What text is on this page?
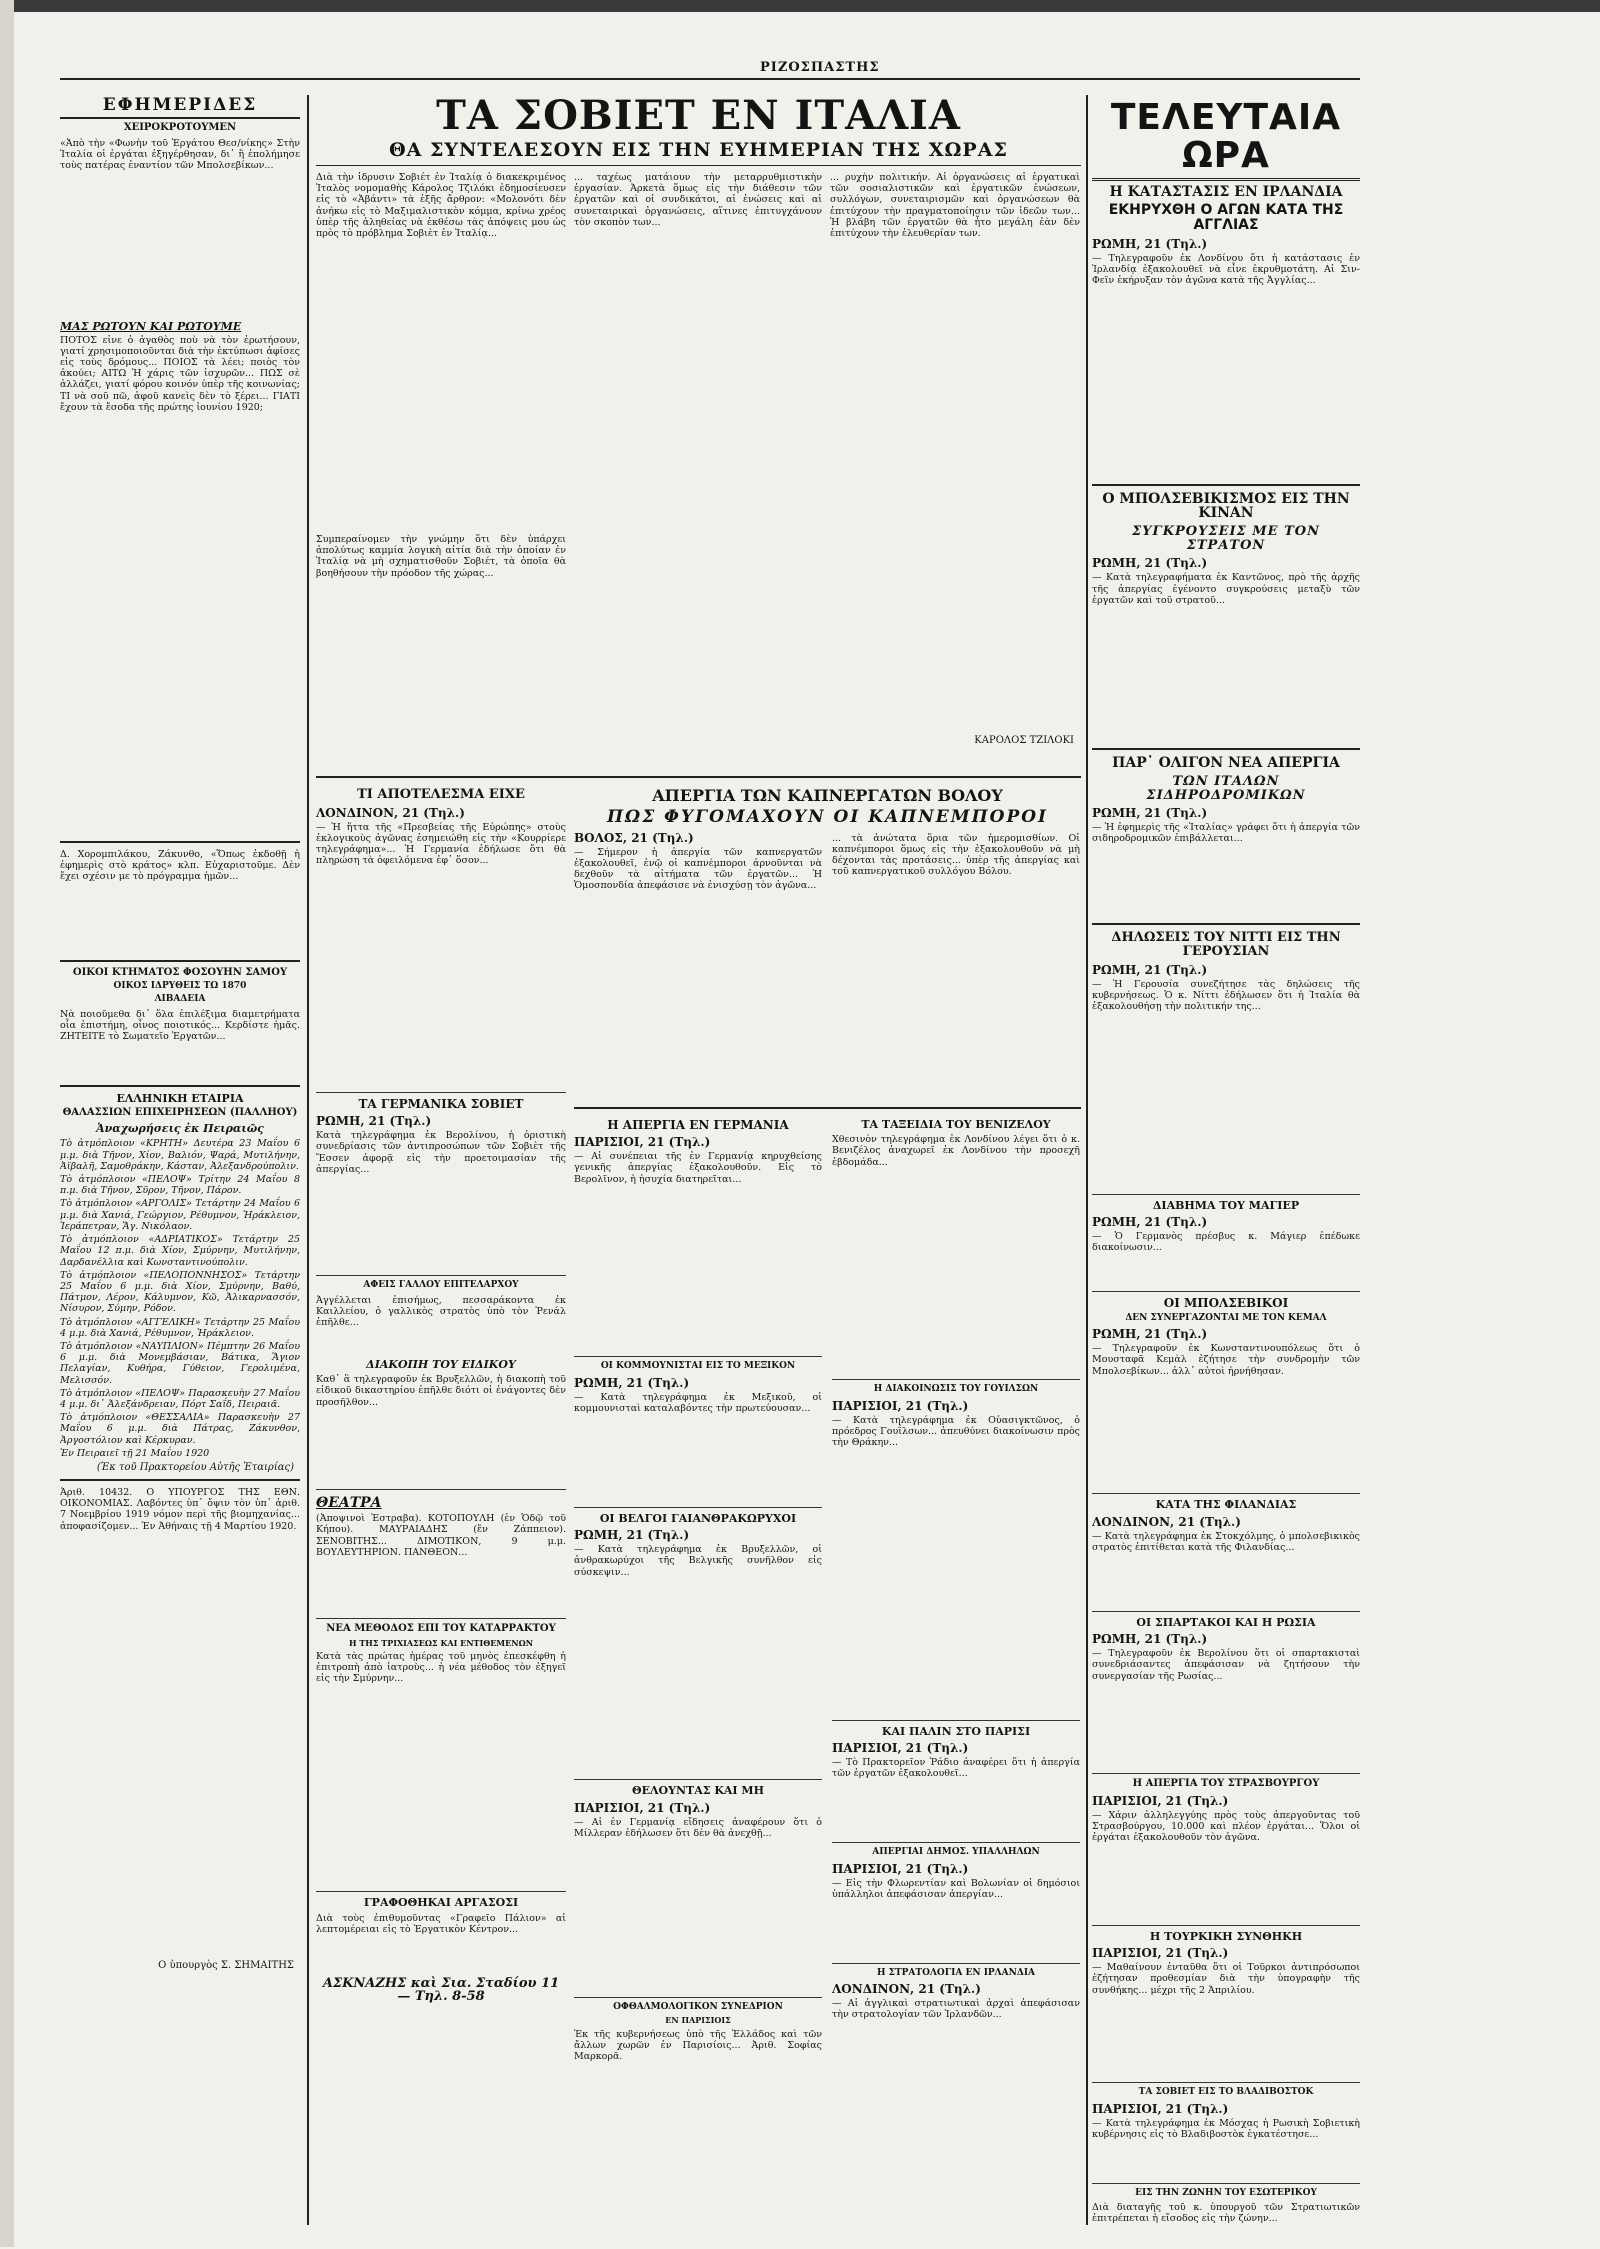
ΡΙΖΟΣΠΑΣΤΗΣ
ΕΦΗΜΕΡΙΔΕΣ
ΧΕΙΡΟΚΡΟΤΟΥΜΕΝ

«Ἀπὸ τὴν «Φωνὴν τοῦ Ἐργάτου Θεσ/νίκης» Στὴν Ἰταλία οἱ ἐργάται ἐξηγέρθησαν, δι᾽ ἢ ἐπολήμησε τοὺς πατέρας ἐναντίον τῶν Μπολσεβίκων...

ΜΑΣ ΡΩΤΟΥΝ ΚΑΙ ΡΩΤΟΥΜΕ

ΠΟΤΟΣ εἶνε ὁ ἀγαθὸς ποὺ νὰ τὸν ἐρωτήσουν, γιατί χρησιμοποιοῦνται διὰ τὴν ἐκτύπωσι ἀφίσες εἰς τοὺς δρόμους... ΠΟΙΟΣ τὰ λέει; ποιὸς τὸν ἀκούει; ΑΙΤΩ Ἠ χάρις τῶν ἰσχυρῶν... ΠΩΣ σὲ ἀλλάζει, γιατί φόρου κοινόν ὑπὲρ τῆς κοινωνίας; ΤΙ νὰ σοῦ πῶ, ἀφοῦ κανεὶς δὲν τὸ ξέρει... ΓΙΑΤΙ ἔχουν τὰ ἔσοδα τῆς πρώτης ἰουνίου 1920;

Δ. Χορομπιλάκου, Ζάκυνθο, «Ὅπως ἐκδοθῇ ἡ ἐφημερὶς στὸ κράτος» κλπ. Εὐχαριστοῦμε. Δὲν ἔχει σχέσιν με τὸ πρόγραμμα ἡμῶν...

ΟΙΚΟΙ ΚΤΗΜΑΤΟΣ ΦΟΣΟΥΗΝ ΣΑΜΟΥ
ΟΙΚΟΣ ΙΔΡΥΘΕΙΣ ΤΩ 1870
ΛΙΒΑΔΕΙΑ

Νὰ ποιοῦμεθα δι᾽ ὅλα ἐπιλέξιμα διαμετρήματα οἷα ἐπιστήμη, οἶνος ποιοτικός... Κερδίστε ἡμᾶς. ΖΗΤΕΙΤΕ τὸ Σωματεῖο Ἐργατῶν...

ΕΛΛΗΝΙΚΗ ΕΤΑΙΡΙΑ
ΘΑΛΑΣΣΙΩΝ ΕΠΙΧΕΙΡΗΣΕΩΝ (ΠΑΛΛΗΟΥ)
Ἀναχωρήσεις ἐκ Πειραιῶς

Τὸ ἀτμόπλοιον «ΚΡΗΤΗ» Δευτέρα 23 Μαΐου 6 μ.μ. διὰ Τῆνον, Χίον, Βαλιόν, Ψαρά, Μυτιλήνην, Ἀϊβαλῆ, Σαμοθράκην, Κάσταν, Ἀλεξανδρούπολιν.

Τὸ ἀτμόπλοιον «ΠΕΛΟΨ» Τρίτην 24 Μαΐου 8 π.μ. διὰ Τῆνον, Σῦρον, Τῆνον, Πάρον.

Τὸ ἀτμόπλοιον «ΑΡΓΟΛΙΣ» Τετάρτην 24 Μαΐου 6 μ.μ. διὰ Χανιά, Γεώργιον, Ρέθυμνον, Ἡράκλειον, Ἱεράπετραν, Ἅγ. Νικόλαον.

Τὸ ἀτμόπλοιον «ΑΔΡΙΑΤΙΚΟΣ» Τετάρτην 25 Μαΐου 12 π.μ. διὰ Χίον, Σμύρνην, Μυτιλήνην, Δαρδανέλλια καὶ Κωνσταντινούπολιν.

Τὸ ἀτμόπλοιον «ΠΕΛΟΠΟΝΝΗΣΟΣ» Τετάρτην 25 Μαΐου 6 μ.μ. διὰ Χίον, Σμύρνην, Βαθύ, Πάτμον, Λέρον, Κάλυμνον, Κῶ, Ἀλικαρνασσόν, Νίσυρον, Σύμην, Ρόδον.

Τὸ ἀτμόπλοιον «ΑΓΓΕΛΙΚΗ» Τετάρτην 25 Μαΐου 4 μ.μ. διὰ Χανιά, Ρέθυμνον, Ἡράκλειον.

Τὸ ἀτμόπλοιον «ΝΑΥΠΛΙΟΝ» Πέμπτην 26 Μαΐου 6 μ.μ. διὰ Μονεμβάσιαν, Βάτικα, Ἅγιον Πελαγίαν, Κυθήρα, Γύθειον, Γερολιμένα, Μελισσόν.

Τὸ ἀτμόπλοιον «ΠΕΛΟΨ» Παρασκευὴν 27 Μαΐου 4 μ.μ. δι᾽ Ἀλεξάνδρειαν, Πόρτ Σαΐδ, Πειραιᾶ.

Τὸ ἀτμόπλοιον «ΘΕΣΣΑΛΙΑ» Παρασκευὴν 27 Μαΐου 6 μ.μ. διὰ Πάτρας, Ζάκυνθον, Ἀργοστόλιον καὶ Κέρκυραν.

Ἐν Πειραιεῖ τῇ 21 Μαΐου 1920

(Ἐκ τοῦ Πρακτορείου Αὐτῆς Ἑταιρίας)

Ἀριθ. 10432. Ο ΥΠΟΥΡΓΟΣ ΤΗΣ ΕΘΝ. ΟΙΚΟΝΟΜΙΑΣ. Λαβόντες ὑπ᾽ ὄψιν τὸν ὑπ᾽ ἀριθ. 7 Νοεμβρίου 1919 νόμον περὶ τῆς βιομηχανίας... ἀποφασίζομεν... Ἐν Ἀθήναις τῇ 4 Μαρτίου 1920.

Ο ὑπουργὸς Σ. ΣΗΜΑΙΤΗΣ
ΤΑ ΣΟΒΙΕΤ ΕΝ ΙΤΑΛΙΑ
ΘΑ ΣΥΝΤΕΛΕΣΟΥΝ ΕΙΣ ΤΗΝ ΕΥΗΜΕΡΙΑΝ ΤΗΣ ΧΩΡΑΣ

Διὰ τὴν ἱδρυσιν Σοβιέτ ἐν Ἰταλίᾳ ὁ διακεκριμένος Ἰταλὸς νομομαθὴς Κάρολος Τζιλόκι ἐδημοσίευσεν εἰς τὸ «Ἀβάντι» τὰ ἑξῆς ἄρθρον: «Μολονότι δὲν ἀνήκω εἰς τὸ Μαξιμαλιστικὸν κόμμα, κρίνω χρέος ὑπὲρ τῆς ἀληθείας νὰ ἐκθέσω τὰς ἀπόψεις μου ὡς πρὸς τὸ πρόβλημα Σοβιὲτ ἐν Ἰταλίᾳ...

Συμπεραίνομεν τὴν γνώμην ὅτι δὲν ὑπάρχει ἀπολύτως καμμία λογικὴ αἰτία διὰ τὴν ὁποίαν ἐν Ἰταλίᾳ νὰ μὴ σχηματισθοῦν Σοβιέτ, τὰ ὁποῖα θὰ βοηθήσουν τὴν πρόοδον τῆς χώρας...

... ταχέως ματάιουν τὴν μεταρρυθμιστικὴν ἐργασίαν. Ἀρκετὰ ὅμως εἰς τὴν διάθεσιν τῶν ἐργατῶν καὶ οἱ συνδικάτοι, αἱ ἑνώσεις καὶ αἱ συνεταιρικαὶ ὀργανώσεις, αἵτινες ἐπιτυγχάνουν τὸν σκοπὸν των...

... ρυχὴν πολιτικήν. Αἱ ὀργανώσεις αἱ ἐργατικαὶ τῶν σοσιαλιστικῶν καὶ ἐργατικῶν ἑνώσεων, συλλόγων, συνεταιρισμῶν καὶ ὀργανώσεων θὰ ἐπιτύχουν τὴν πραγματοποίησιν τῶν ἰδεῶν των... Ἡ βλάβη τῶν ἐργατῶν θὰ ἦτο μεγάλη ἐὰν δὲν ἐπιτύχουν τὴν ἐλευθερίαν των.

ΚΑΡΟΛΟΣ ΤΖΙΛΟΚΙ
ΤΙ ΑΠΟΤΕΛΕΣΜΑ ΕΙΧΕ
ΛΟΝΔΙΝΟΝ, 21 (Τηλ.)

— Ἡ ἥττα τῆς «Πρεσβείας τῆς Εὐρώπης» στοὺς ἐκλογικοὺς ἀγῶνας ἐσημειώθη εἰς τὴν «Κουρρίερε τηλεγράφημα»... Ἡ Γερμανία ἐδήλωσε ὅτι θὰ πληρώση τὰ ὀφειλόμενα ἐφ᾽ ὅσον...

ΤΑ ΓΕΡΜΑΝΙΚΑ ΣΟΒΙΕΤ
ΡΩΜΗ, 21 (Τηλ.)

Κατὰ τηλεγράφημα ἐκ Βερολίνου, ἡ ὁριστικὴ συνεδρίασις τῶν ἀντιπροσώπων τῶν Σοβιὲτ τῆς Ἔσσεν ἀφορᾷ εἰς τὴν προετοιμασίαν τῆς ἀπεργίας...

ΑΦΕΙΣ ΓΑΛΛΟΥ ΕΠΙΤΕΛΑΡΧΟΥ

Ἀγγέλλεται ἐπισήμως, πεσσαράκοντα ἐκ Καιλλείου, ὁ γαλλικὸς στρατὸς ὑπὸ τὸν Ῥενάλ ἐπῆλθε...

ΔΙΑΚΟΠΗ ΤΟΥ ΕΙΔΙΚΟΥ

Καθ᾽ ἃ τηλεγραφοῦν ἐκ Βρυξελλῶν, ἡ διακοπὴ τοῦ εἰδικοῦ δικαστηρίου ἐπῆλθε διότι οἱ ἐνάγοντες δὲν προσῆλθον...

ΘΕΑΤΡΑ

(Ἀποψινοὶ Ἐστραβα). ΚΟΤΟΠΟΥΛΗ (ἐν Ὁδῷ τοῦ Κήπου). ΜΑΥΡΑΙΑΔΗΣ (ἕν Ζάππειον). ΣΕΝΟΒΙΤΗΣ... ΔΙΜΟΤΙΚΟΝ, 9 μ.μ. ΒΟΥΛΕΥΤΗΡΙΟΝ. ΠΑΝΘΕΟΝ...

ΝΕΑ ΜΕΘΟΔΟΣ ΕΠΙ ΤΟΥ ΚΑΤΑΡΡΑΚΤΟΥ
Η ΤΗΣ ΤΡΙΧΙΑΣΕΩΣ ΚΑΙ ΕΝΤΙΘΕΜΕΝΩΝ

Κατὰ τὰς πρώτας ἡμέρας τοῦ μηνὸς ἐπεσκέφθη ἡ ἐπιτροπὴ ἀπὸ ἰατροὺς... ἡ νέα μέθοδος τὸν ἐξηγεῖ εἰς τὴν Σμύρνην...

ΓΡΑΦΟΘΗΚΑΙ ΑΡΓΑΣΟΣΙ

Διὰ τοὺς ἐπιθυμοῦντας «Γραφεῖο Πάλιον» αἱ λεπτομέρειαι εἰς τὸ Ἐργατικὸν Κέντρον...

ΑΣΚΝΑΖΗΣ καὶ Σια. Σταδίου 11 — Τηλ. 8-58
ΑΠΕΡΓΙΑ ΤΩΝ ΚΑΠΝΕΡΓΑΤΩΝ ΒΟΛΟΥ
ΠΩΣ ΦΥΓΟΜΑΧΟΥΝ ΟΙ ΚΑΠΝΕΜΠΟΡΟΙ
ΒΟΛΟΣ, 21 (Τηλ.)

— Σήμερον ἡ ἀπεργία τῶν καπνεργατῶν ἐξακολουθεῖ, ἐνῷ οἱ καπνέμποροι ἀρνοῦνται νὰ δεχθοῦν τὰ αἰτήματα τῶν ἐργατῶν... Ἡ Ὁμοσπονδία ἀπεφάσισε νὰ ἐνισχύσῃ τὸν ἀγῶνα...

... τὰ ἀνώτατα ὅρια τῶν ἡμερομισθίων. Οἱ καπνέμποροι ὅμως εἰς τὴν ἐξακολουθοῦν νὰ μὴ δέχονται τὰς προτάσεις... ὑπὲρ τῆς ἀπεργίας καὶ τοῦ καπνεργατικοῦ συλλόγου Βόλου.

Η ΑΠΕΡΓΙΑ ΕΝ ΓΕΡΜΑΝΙΑ
ΠΑΡΙΣΙΟΙ, 21 (Τηλ.)

— Αἱ συνέπειαι τῆς ἐν Γερμανίᾳ κηρυχθείσης γενικῆς ἀπεργίας ἐξακολουθοῦν. Εἰς τὸ Βερολῖνον, ἡ ἡσυχία διατηρεῖται...

ΟΙ ΚΟΜΜΟΥΝΙΣΤΑΙ ΕΙΣ ΤΟ ΜΕΞΙΚΟΝ
ΡΩΜΗ, 21 (Τηλ.)

— Κατὰ τηλεγράφημα ἐκ Μεξικοῦ, οἱ κομμουνισταὶ καταλαβόντες τὴν πρωτεύουσαν...

ΟΙ ΒΕΛΓΟΙ ΓΑΙΑΝΘΡΑΚΩΡΥΧΟΙ
ΡΩΜΗ, 21 (Τηλ.)

— Κατὰ τηλεγράφημα ἐκ Βρυξελλῶν, οἱ ἀνθρακωρύχοι τῆς Βελγικῆς συνῆλθον εἰς σύσκεψιν...

ΘΕΛΟΥΝΤΑΣ ΚΑΙ ΜΗ
ΠΑΡΙΣΙΟΙ, 21 (Τηλ.)

— Αἱ ἐν Γερμανίᾳ εἴδησεις ἀναφέρουν ὅτι ὁ Μίλλεραν ἐδήλωσεν ὅτι δὲν θὰ ἀνεχθῇ...

ΟΦΘΑΛΜΟΛΟΓΙΚΟΝ ΣΥΝΕΔΡΙΟΝ
ΕΝ ΠΑΡΙΣΙΟΙΣ

Ἐκ τῆς κυβερνήσεως ὑπὸ τῆς Ἑλλάδος καὶ τῶν ἄλλων χωρῶν ἐν Παρισίοις... Ἀριθ. Σοφίας Μαρκορᾶ.

ΤΑ ΤΑΞΕΙΔΙΑ ΤΟΥ ΒΕΝΙΖΕΛΟΥ

Χθεσινὸν τηλεγράφημα ἐκ Λονδίνου λέγει ὅτι ὁ κ. Βενιζέλος ἀναχωρεῖ ἐκ Λονδίνου τὴν προσεχῆ ἑβδομάδα...

Η ΔΙΑΚΟΙΝΩΣΙΣ ΤΟΥ ΓΟΥΙΛΣΩΝ
ΠΑΡΙΣΙΟΙ, 21 (Τηλ.)

— Κατὰ τηλεγράφημα ἐκ Οὐασιγκτῶνος, ὁ πρόεδρος Γουΐλσων... ἀπευθύνει διακοίνωσιν πρὸς τὴν Θράκην...

ΚΑΙ ΠΑΛΙΝ ΣΤΟ ΠΑΡΙΣΙ
ΠΑΡΙΣΙΟΙ, 21 (Τηλ.)

— Τὸ Πρακτορεῖον Ῥάδιο ἀναφέρει ὅτι ἡ ἀπεργία τῶν ἐργατῶν ἐξακολουθεῖ...

ΑΠΕΡΓΙΑΙ ΔΗΜΟΣ. ΥΠΑΛΛΗΛΩΝ
ΠΑΡΙΣΙΟΙ, 21 (Τηλ.)

— Εἰς τὴν Φλωρεντίαν καὶ Βολωνίαν οἱ δημόσιοι ὑπάλληλοι ἀπεφάσισαν ἀπεργίαν...

Η ΣΤΡΑΤΟΛΟΓΙΑ ΕΝ ΙΡΛΑΝΔΙΑ
ΛΟΝΔΙΝΟΝ, 21 (Τηλ.)

— Αἱ ἀγγλικαὶ στρατιωτικαὶ ἀρχαὶ ἀπεφάσισαν τὴν στρατολογίαν τῶν Ἰρλανδῶν...

ΤΕΛΕΥΤΑΙΑ ΩΡΑ
Η ΚΑΤΑΣΤΑΣΙΣ ΕΝ ΙΡΛΑΝΔΙΑ
ΕΚΗΡΥΧΘΗ Ο ΑΓΩΝ ΚΑΤΑ ΤΗΣ ΑΓΓΛΙΑΣ
ΡΩΜΗ, 21 (Τηλ.)

— Τηλεγραφοῦν ἐκ Λονδίνου ὅτι ἡ κατάστασις ἐν Ἰρλανδίᾳ ἐξακολουθεῖ νὰ εἶνε ἐκρυθμοτάτη. Αἱ Σιν-Φεϊν ἐκήρυξαν τὸν ἀγῶνα κατὰ τῆς Ἀγγλίας...

Ο ΜΠΟΛΣΕΒΙΚΙΣΜΟΣ ΕΙΣ ΤΗΝ ΚΙΝΑΝ
ΣΥΓΚΡΟΥΣΕΙΣ ΜΕ ΤΟΝ ΣΤΡΑΤΟΝ
ΡΩΜΗ, 21 (Τηλ.)

— Κατὰ τηλεγραφήματα ἐκ Καντῶνος, πρὸ τῆς ἀρχῆς τῆς ἀπεργίας ἐγένοντο συγκρούσεις μεταξὺ τῶν ἐργατῶν καὶ τοῦ στρατοῦ...

ΠΑΡ᾽ ΟΛΙΓΟΝ ΝΕΑ ΑΠΕΡΓΙΑ
ΤΩΝ ΙΤΑΛΩΝ ΣΙΔΗΡΟΔΡΟΜΙΚΩΝ
ΡΩΜΗ, 21 (Τηλ.)

— Ἡ ἐφημερὶς τῆς «Ἰταλίας» γράφει ὅτι ἡ ἀπεργία τῶν σιδηροδρομικῶν ἐπιβάλλεται...

ΔΗΛΩΣΕΙΣ ΤΟΥ ΝΙΤΤΙ ΕΙΣ ΤΗΝ ΓΕΡΟΥΣΙΑΝ
ΡΩΜΗ, 21 (Τηλ.)

— Ἡ Γερουσία συνεζήτησε τὰς δηλώσεις τῆς κυβερνήσεως. Ὁ κ. Νίττι ἐδήλωσεν ὅτι ἡ Ἰταλία θὰ ἐξακολουθήσῃ τὴν πολιτικήν της...

ΔΙΑΒΗΜΑ ΤΟΥ ΜΑΓΙΕΡ
ΡΩΜΗ, 21 (Τηλ.)

— Ὁ Γερμανὸς πρέσβυς κ. Μάγιερ ἐπέδωκε διακοίνωσιν...

ΟΙ ΜΠΟΛΣΕΒΙΚΟΙ
ΔΕΝ ΣΥΝΕΡΓΑΖΟΝΤΑΙ ΜΕ ΤΟΝ ΚΕΜΑΛ
ΡΩΜΗ, 21 (Τηλ.)

— Τηλεγραφοῦν ἐκ Κωνσταντινουπόλεως ὅτι ὁ Μουσταφᾶ Κεμὰλ ἐζήτησε τὴν συνδρομὴν τῶν Μπολσεβίκων... ἀλλ᾽ αὐτοὶ ἠρνήθησαν.

ΚΑΤΑ ΤΗΣ ΦΙΛΑΝΔΙΑΣ
ΛΟΝΔΙΝΟΝ, 21 (Τηλ.)

— Κατὰ τηλεγράφημα ἐκ Στοκχόλμης, ὁ μπολσεβικικὸς στρατὸς ἐπιτίθεται κατὰ τῆς Φιλανδίας...

ΟΙ ΣΠΑΡΤΑΚΟΙ ΚΑΙ Η ΡΩΣΙΑ
ΡΩΜΗ, 21 (Τηλ.)

— Τηλεγραφοῦν ἐκ Βερολίνου ὅτι οἱ σπαρτακισταὶ συνεδριάσαντες ἀπεφάσισαν νὰ ζητήσουν τὴν συνεργασίαν τῆς Ρωσίας...

Η ΑΠΕΡΓΙΑ ΤΟΥ ΣΤΡΑΣΒΟΥΡΓΟΥ
ΠΑΡΙΣΙΟΙ, 21 (Τηλ.)

— Χάριν ἀλληλεγγύης πρὸς τοὺς ἀπεργοῦντας τοῦ Στρασβούργου, 10.000 καὶ πλέον ἐργάται... Ὅλοι οἱ ἐργάται ἐξακολουθοῦν τὸν ἀγῶνα.

Η ΤΟΥΡΚΙΚΗ ΣΥΝΘΗΚΗ
ΠΑΡΙΣΙΟΙ, 21 (Τηλ.)

— Μαθαίνουν ἐνταῦθα ὅτι οἱ Τοῦρκοι ἀντιπρόσωποι ἐζήτησαν προθεσμίαν διὰ τὴν ὑπογραφὴν τῆς συνθήκης... μέχρι τῆς 2 Ἀπριλίου.

ΤΑ ΣΟΒΙΕΤ ΕΙΣ ΤΟ ΒΛΑΔΙΒΟΣΤΟΚ
ΠΑΡΙΣΙΟΙ, 21 (Τηλ.)

— Κατὰ τηλεγράφημα ἐκ Μόσχας ἡ Ρωσικὴ Σοβιετικὴ κυβέρνησις εἰς τὸ Βλαδιβοστὸκ ἐγκατέστησε...

ΕΙΣ ΤΗΝ ΖΩΝΗΝ ΤΟΥ ΕΣΩΤΕΡΙΚΟΥ

Διὰ διαταγῆς τοῦ κ. ὑπουργοῦ τῶν Στρατιωτικῶν ἐπιτρέπεται ἡ εἴσοδος εἰς τὴν ζώνην...
